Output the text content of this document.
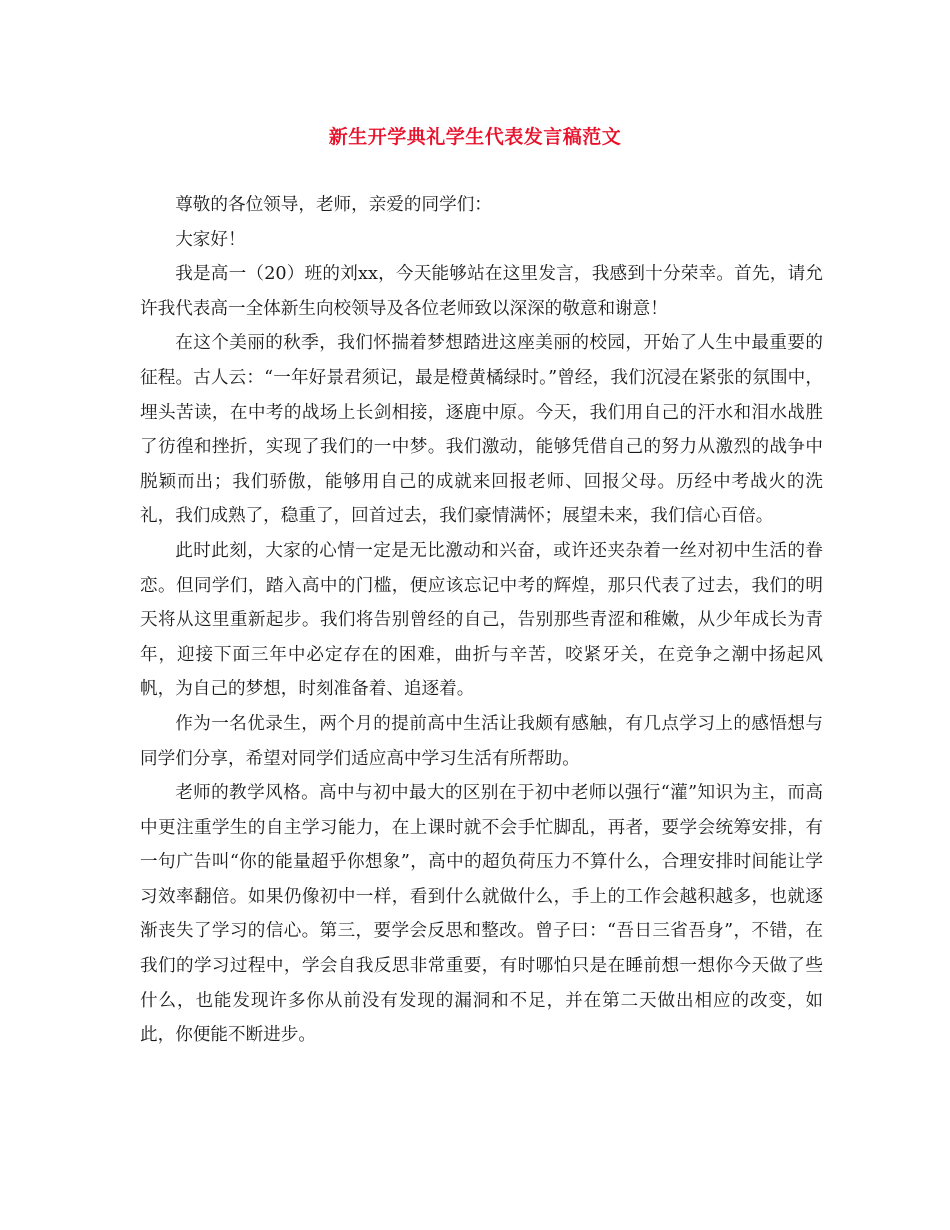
新生开学典礼学生代表发言稿范文

尊敬的各位领导，老师，亲爱的同学们：

大家好！

我是高一（20）班的刘xx，今天能够站在这里发言，我感到十分荣幸。首先，请允许我代表高一全体新生向校领导及各位老师致以深深的敬意和谢意！

在这个美丽的秋季，我们怀揣着梦想踏进这座美丽的校园，开始了人生中最重要的征程。古人云：“一年好景君须记，最是橙黄橘绿时。”曾经，我们沉浸在紧张的氛围中，埋头苦读，在中考的战场上长剑相接，逐鹿中原。今天，我们用自己的汗水和泪水战胜了彷徨和挫折，实现了我们的一中梦。我们激动，能够凭借自己的努力从激烈的战争中脱颖而出；我们骄傲，能够用自己的成就来回报老师、回报父母。历经中考战火的洗礼，我们成熟了，稳重了，回首过去，我们豪情满怀；展望未来，我们信心百倍。

此时此刻，大家的心情一定是无比激动和兴奋，或许还夹杂着一丝对初中生活的眷恋。但同学们，踏入高中的门槛，便应该忘记中考的辉煌，那只代表了过去，我们的明天将从这里重新起步。我们将告别曾经的自己，告别那些青涩和稚嫩，从少年成长为青年，迎接下面三年中必定存在的困难，曲折与辛苦，咬紧牙关，在竞争之潮中扬起风帆，为自己的梦想，时刻准备着、追逐着。

作为一名优录生，两个月的提前高中生活让我颇有感触，有几点学习上的感悟想与同学们分享，希望对同学们适应高中学习生活有所帮助。

老师的教学风格。高中与初中最大的区别在于初中老师以强行“灌”知识为主，而高中更注重学生的自主学习能力，在上课时就不会手忙脚乱，再者，要学会统筹安排，有一句广告叫“你的能量超乎你想象”，高中的超负荷压力不算什么，合理安排时间能让学习效率翻倍。如果仍像初中一样，看到什么就做什么，手上的工作会越积越多，也就逐渐丧失了学习的信心。第三，要学会反思和整改。曾子曰：“吾日三省吾身”，不错，在我们的学习过程中，学会自我反思非常重要，有时哪怕只是在睡前想一想你今天做了些什么，也能发现许多你从前没有发现的漏洞和不足，并在第二天做出相应的改变，如此，你便能不断进步。
